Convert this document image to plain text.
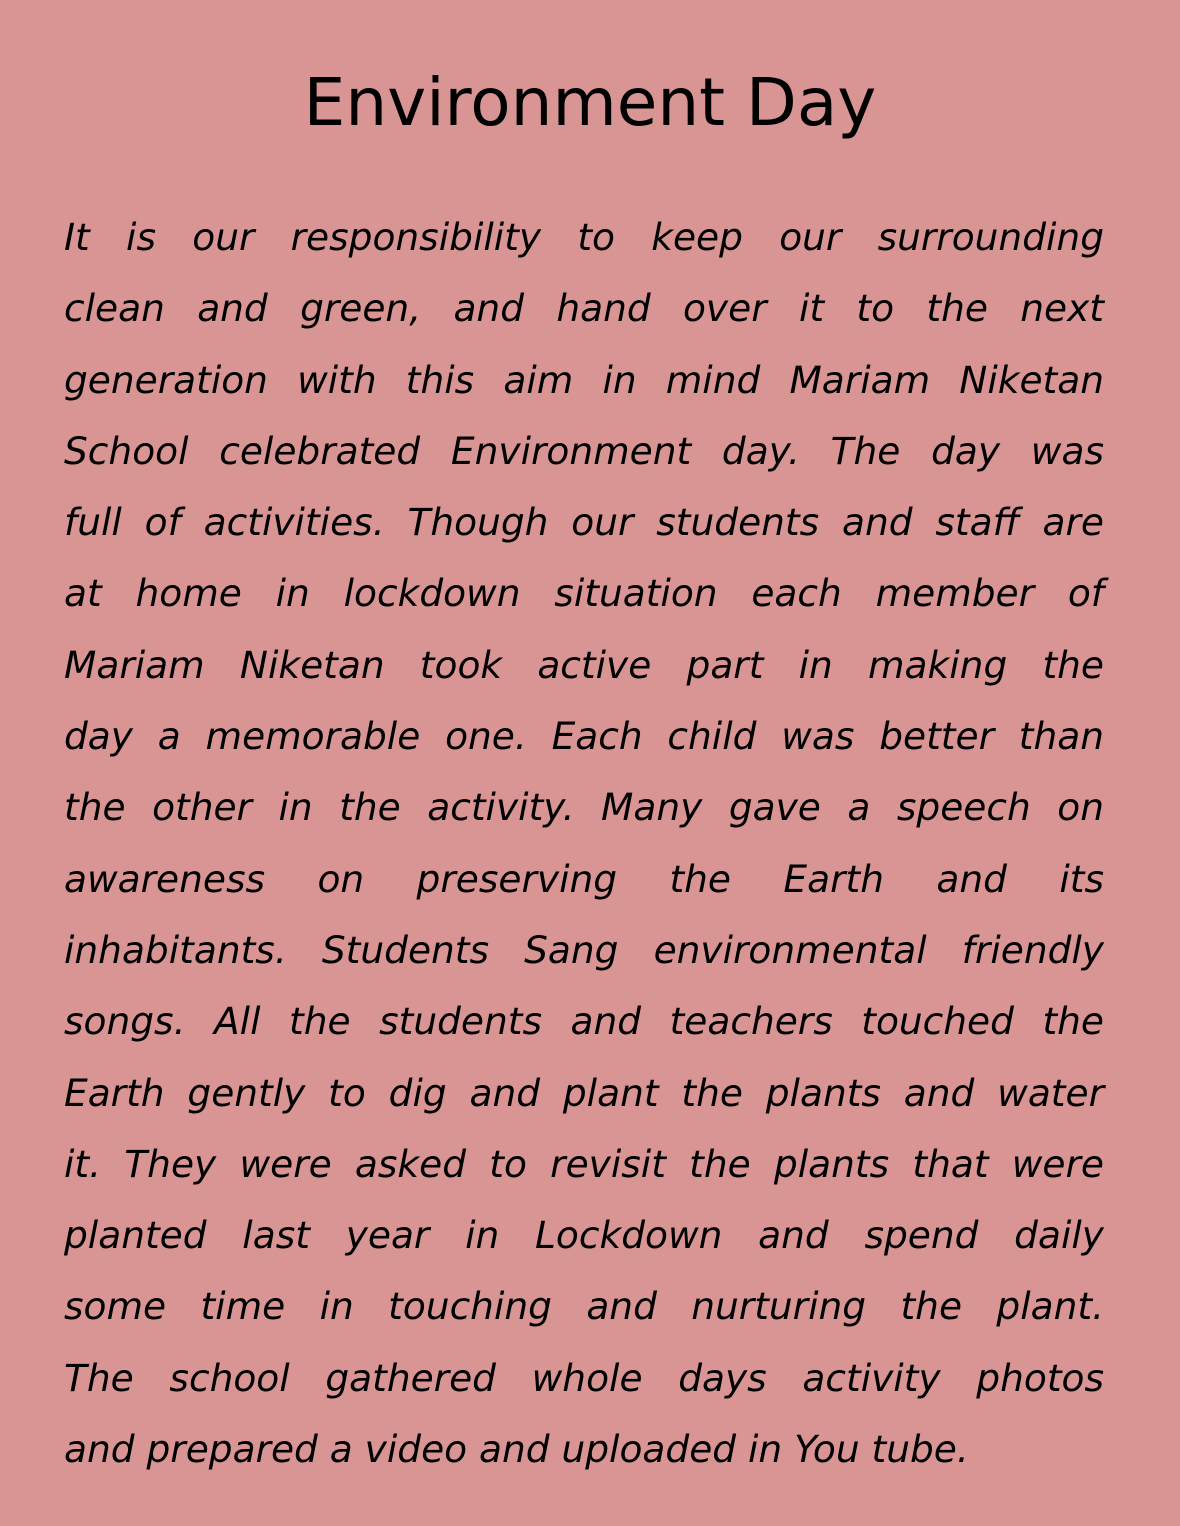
Environment Day
It is our responsibility to keep our surrounding
clean and green, and hand over it to the next
generation with this aim in mind Mariam Niketan
School celebrated Environment day. The day was
full of activities. Though our students and staff are
at home in lockdown situation each member of
Mariam Niketan took active part in making the
day a memorable one. Each child was better than
the other in the activity. Many gave a speech on
awareness on preserving the Earth and its
inhabitants. Students Sang environmental friendly
songs. All the students and teachers touched the
Earth gently to dig and plant the plants and water
it. They were asked to revisit the plants that were
planted last year in Lockdown and spend daily
some time in touching and nurturing the plant.
The school gathered whole days activity photos
and prepared a video and uploaded in You tube.
